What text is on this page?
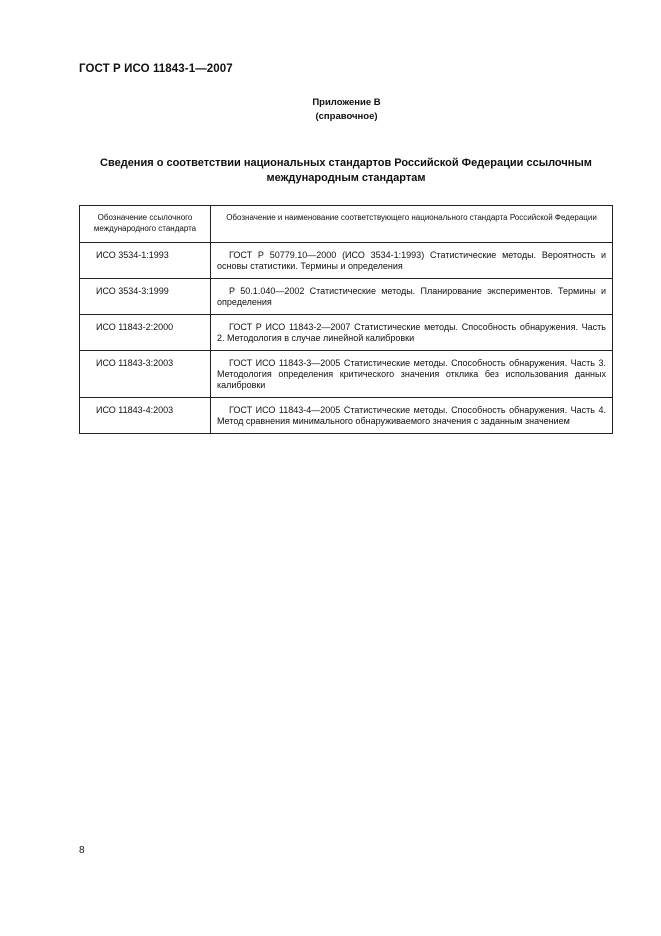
ГОСТ Р ИСО 11843-1—2007
Приложение В
(справочное)
Сведения о соответствии национальных стандартов Российской Федерации ссылочным
международным стандартам
Обозначение ссылочного международного стандарта	Обозначение и наименование соответствующего национального стандарта Российской Федерации
ИСО 3534-1:1993	ГОСТ Р 50779.10—2000 (ИСО 3534-1:1993) Статистические методы. Вероятность и основы статистики. Термины и определения
ИСО 3534-3:1999	Р 50.1.040—2002 Статистические методы. Планирование экспериментов. Термины и определения
ИСО 11843-2:2000	ГОСТ Р ИСО 11843-2—2007 Статистические методы. Способность обнаружения. Часть 2. Методология в случае линейной калибровки
ИСО 11843-3:2003	ГОСТ ИСО 11843-3—2005 Статистические методы. Способность обнаружения. Часть 3. Методология определения критического значения отклика без использования данных калибровки
ИСО 11843-4:2003	ГОСТ ИСО 11843-4—2005 Статистические методы. Способность обнаружения. Часть 4. Метод сравнения минимального обнаруживаемого значения с заданным значением
8
